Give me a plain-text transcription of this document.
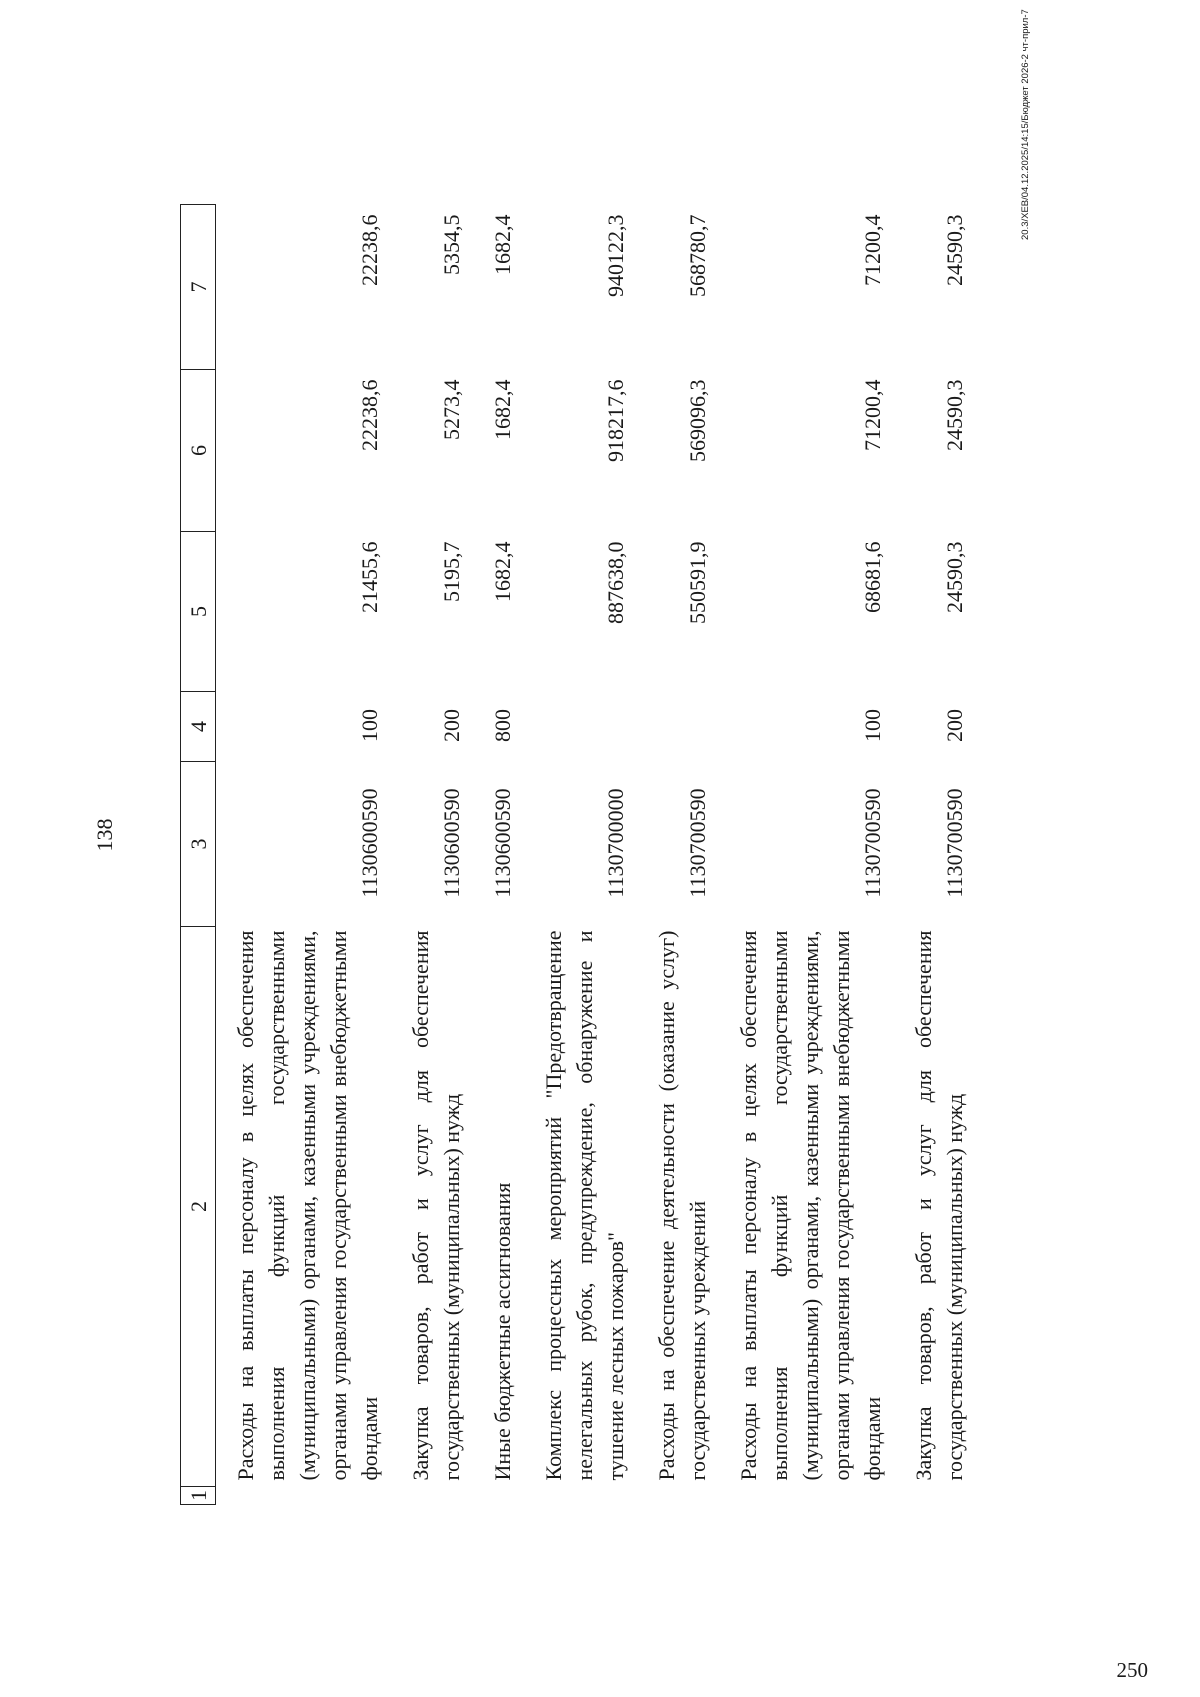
138
20.3/ХЕВ/04.12.2025/14:15/Бюджет 2026-2 чт-прил-7
250
1	2	3	4	5	6	7
	Расходы на выплаты персоналу в целях обеспечения выполнения функций государственными (муниципальными) органами, казенными учреждениями, органами управления государственными внебюджетными фондами	1130600590	100	21455,6	22238,6	22238,6
	Закупка товаров, работ и услуг для обеспечения государственных (муниципальных) нужд	1130600590	200	5195,7	5273,4	5354,5
	Иные бюджетные ассигнования	1130600590	800	1682,4	1682,4	1682,4
	Комплекс процессных мероприятий "Предотвращение нелегальных рубок, предупреждение, обнаружение и тушение лесных пожаров"	1130700000		887638,0	918217,6	940122,3
	Расходы на обеспечение деятельности (оказание услуг) государственных учреждений	1130700590		550591,9	569096,3	568780,7
	Расходы на выплаты персоналу в целях обеспечения выполнения функций государственными (муниципальными) органами, казенными учреждениями, органами управления государственными внебюджетными фондами	1130700590	100	68681,6	71200,4	71200,4
	Закупка товаров, работ и услуг для обеспечения государственных (муниципальных) нужд	1130700590	200	24590,3	24590,3	24590,3
